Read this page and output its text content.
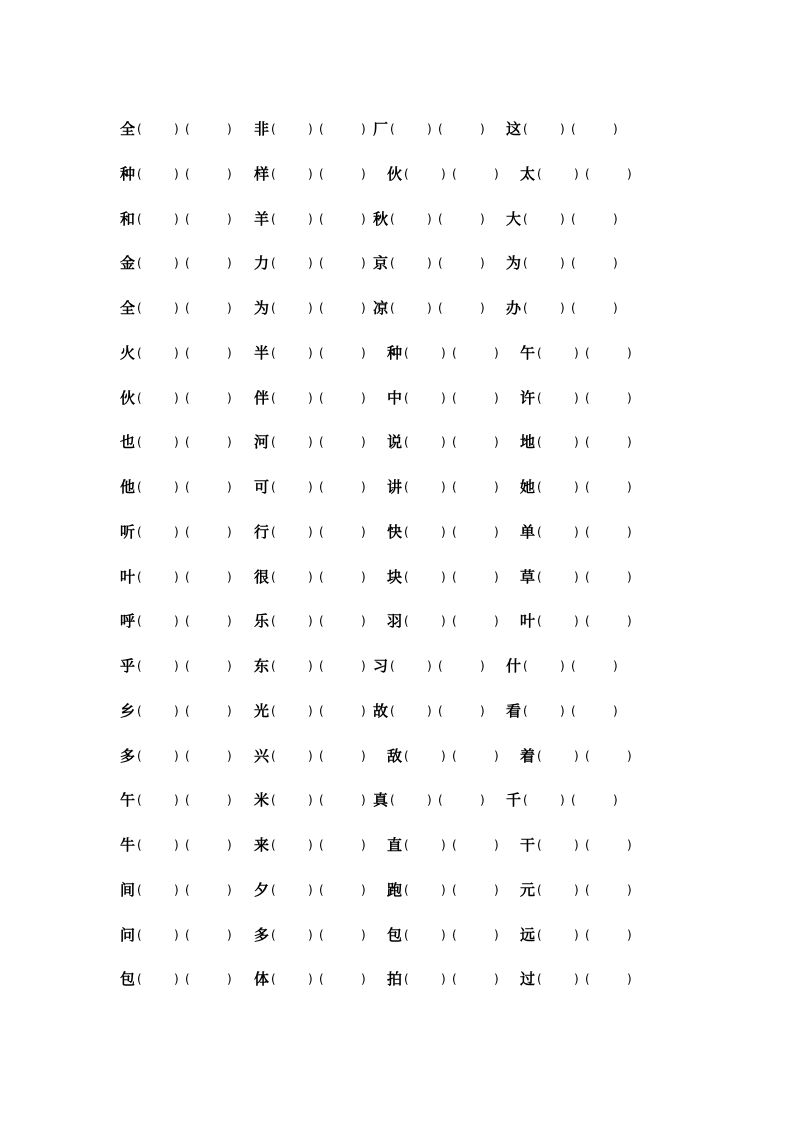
全 (	) (	) 非 (	) (	) 厂 (	) (	) 这 (	) (	)
种 (	) (	) 样 (	) (	) 伙 (	) (	) 太 (	) (	)
和 (	) (	) 羊 (	) (	) 秋 (	) (	) 大 (	) (	)
金 (	) (	) 力 (	) (	) 京 (	) (	) 为 (	) (	)
全 (	) (	) 为 (	) (	) 凉 (	) (	) 办 (	) (	)
火 (	) (	) 半 (	) (	) 种 (	) (	) 午 (	) (	)
伙 (	) (	) 伴 (	) (	) 中 (	) (	) 许 (	) (	)
也 (	) (	) 河 (	) (	) 说 (	) (	) 地 (	) (	)
他 (	) (	) 可 (	) (	) 讲 (	) (	) 她 (	) (	)
听 (	) (	) 行 (	) (	) 快 (	) (	) 单 (	) (	)
叶 (	) (	) 很 (	) (	) 块 (	) (	) 草 (	) (	)
呼 (	) (	) 乐 (	) (	) 羽 (	) (	) 叶 (	) (	)
乎 (	) (	) 东 (	) (	) 习 (	) (	) 什 (	) (	)
乡 (	) (	) 光 (	) (	) 故 (	) (	) 看 (	) (	)
多 (	) (	) 兴 (	) (	) 敌 (	) (	) 着 (	) (	)
午 (	) (	) 米 (	) (	) 真 (	) (	) 千 (	) (	)
牛 (	) (	) 来 (	) (	) 直 (	) (	) 干 (	) (	)
间 (	) (	) 夕 (	) (	) 跑 (	) (	) 元 (	) (	)
问 (	) (	) 多 (	) (	) 包 (	) (	) 远 (	) (	)
包 (	) (	) 体 (	) (	) 拍 (	) (	) 过 (	) (	)
